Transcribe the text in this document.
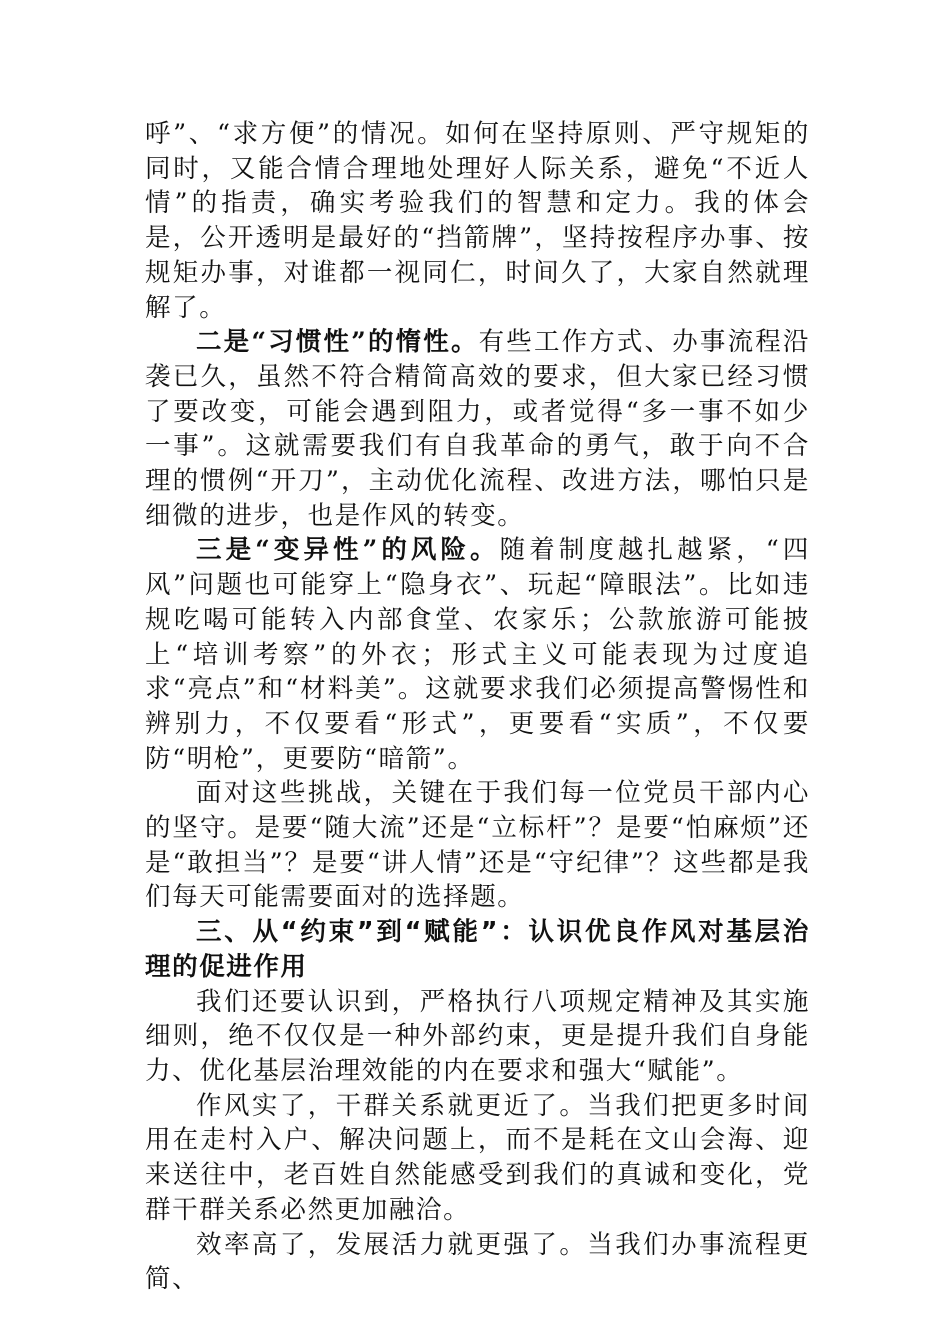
呼”、“求方便”的情况。如何在坚持原则、严守规矩的同时，又能合情合理地处理好人际关系，避免“不近人情”的指责，确实考验我们的智慧和定力。我的体会是，公开透明是最好的“挡箭牌”，坚持按程序办事、按规矩办事，对谁都一视同仁，时间久了，大家自然就理解了。

二是“习惯性”的惰性。有些工作方式、办事流程沿袭已久，虽然不符合精简高效的要求，但大家已经习惯了要改变，可能会遇到阻力，或者觉得“多一事不如少一事”。这就需要我们有自我革命的勇气，敢于向不合理的惯例“开刀”，主动优化流程、改进方法，哪怕只是细微的进步，也是作风的转变。

三是“变异性”的风险。随着制度越扎越紧，“四风”问题也可能穿上“隐身衣”、玩起“障眼法”。比如违规吃喝可能转入内部食堂、农家乐；公款旅游可能披上“培训考察”的外衣；形式主义可能表现为过度追求“亮点”和“材料美”。这就要求我们必须提高警惕性和辨别力，不仅要看“形式”，更要看“实质”，不仅要防“明枪”，更要防“暗箭”。

面对这些挑战，关键在于我们每一位党员干部内心的坚守。是要“随大流”还是“立标杆”？是要“怕麻烦”还是“敢担当”？是要“讲人情”还是“守纪律”？这些都是我们每天可能需要面对的选择题。

三、从“约束”到“赋能”：认识优良作风对基层治理的促进作用

我们还要认识到，严格执行八项规定精神及其实施细则，绝不仅仅是一种外部约束，更是提升我们自身能力、优化基层治理效能的内在要求和强大“赋能”。

作风实了，干群关系就更近了。当我们把更多时间用在走村入户、解决问题上，而不是耗在文山会海、迎来送往中，老百姓自然能感受到我们的真诚和变化，党群干群关系必然更加融洽。

效率高了，发展活力就更强了。当我们办事流程更简、
